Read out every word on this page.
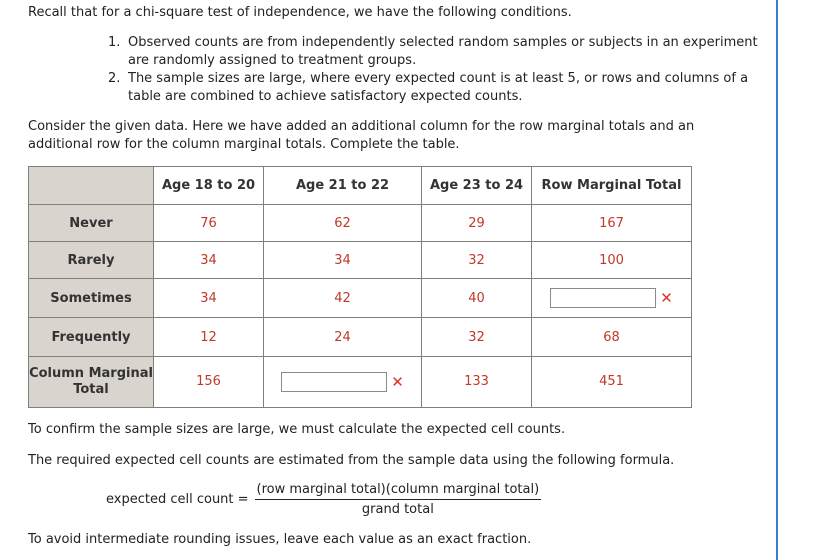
Recall that for a chi-square test of independence, we have the following conditions.
1. Observed counts are from independently selected random samples or subjects in an experiment are randomly assigned to treatment groups.
2. The sample sizes are large, where every expected count is at least 5, or rows and columns of a table are combined to achieve satisfactory expected counts.
Consider the given data. Here we have added an additional column for the row marginal totals and an additional row for the column marginal totals. Complete the table.
	Age 18 to 20	Age 21 to 22	Age 23 to 24	Row Marginal Total
Never	76	62	29	167
Rarely	34	34	32	100
Sometimes	34	42	40	✕

Frequently	12	24	32	68
Column Marginal Total	156	✕	133	451
To confirm the sample sizes are large, we must calculate the expected cell counts.
The required expected cell counts are estimated from the sample data using the following formula.
expected cell count = $\frac{\text{(row marginal total)(column marginal total)}}{\text{grand total}}$
To avoid intermediate rounding issues, leave each value as an exact fraction.
